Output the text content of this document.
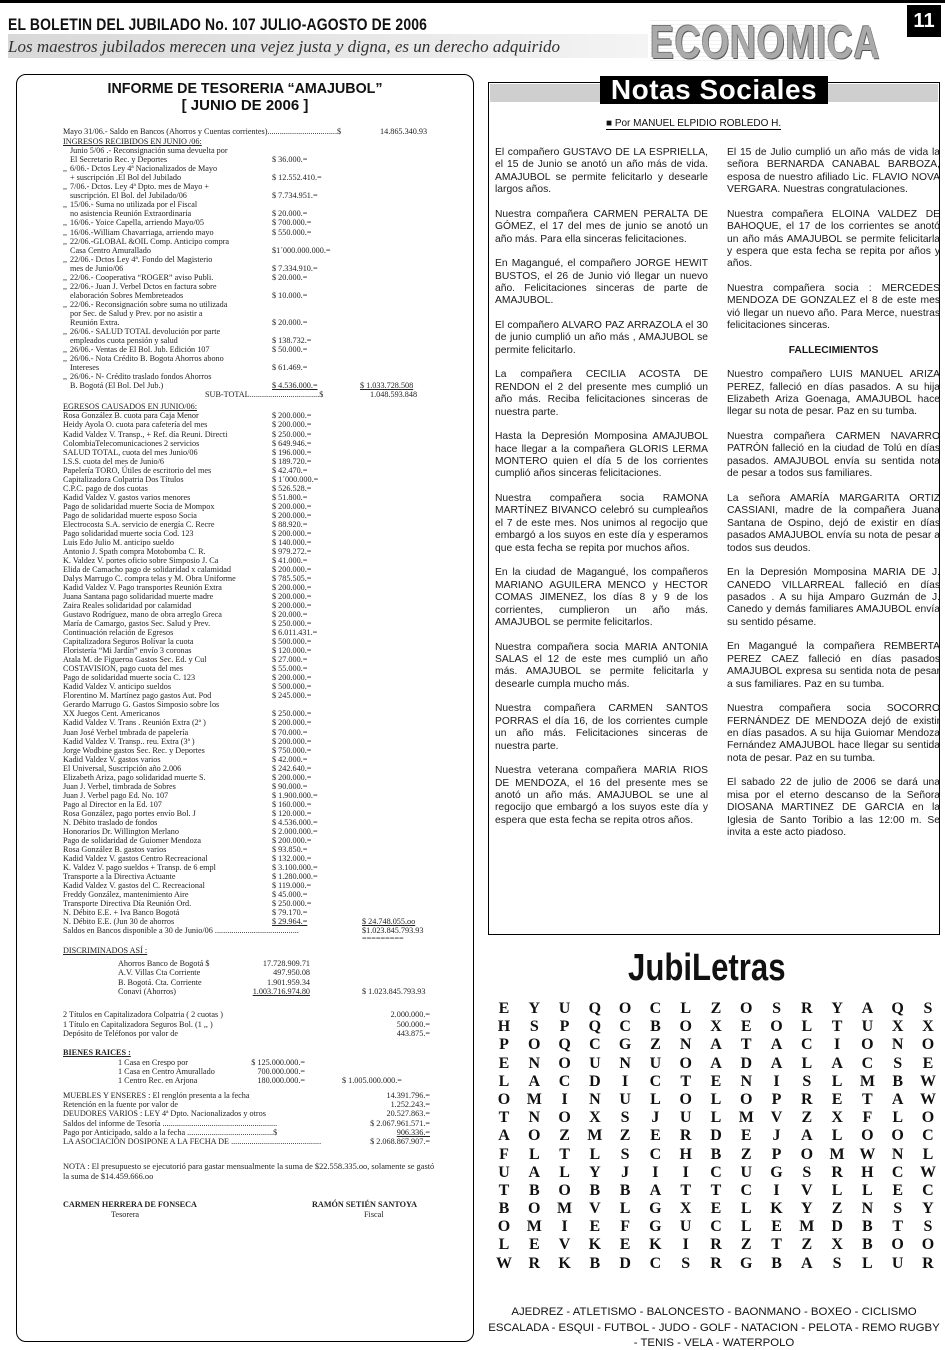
EL BOLETIN DEL JUBILADO No. 107 JULIO-AGOSTO DE 2006
Los maestros jubilados merecen una vejez justa y digna, es un derecho adquirido ECONOMICA	11
INFORME DE TESORERIA “AMAJUBOL”
[ JUNIO DE 2006 ]
Mayo 31/06.- Saldo en Bancos (Ahorros y Cuentas corrientes)..................................$	14.865.340.93
INGRESOS RECIBIDOS EN JUNIO /06:
Junio 5/06 .- Reconsignación suma devuelta por
El Secretario Rec. y Deportes	$ 36.000.=
,, 6/06.- Dctos Ley 4ª Nacionalizados de Mayo
+ suscripción .El Bol del Jubilado	$ 12.552.410.=
,, 7/06.- Dctos. Ley 4ª Dpto. mes de Mayo +
suscripción. El Bol. del Jubilado/06	$ 7.734.951.=
,, 15/06.- Suma no utilizada por el Fiscal
no asistencia Reunión Extraordinaria	$ 20.000.=
,, 16/06.- Yoice Capella, arriendo Mayo/05	$ 700.000.=
,, 16/06.-William Chavarriaga, arriendo mayo	$ 550.000.=
,, 22/06.-GLOBAL &OIL Comp. Anticipo compra
Casa Centro Amurallado	$1´000.000.000.=
,, 22/06.- Dctos Ley 4ª. Fondo del Magisterio
mes de Junio/06	$ 7.334.910.=
,, 22/06.- Cooperativa “ROGER” aviso Publi.	$ 20.000.=
,, 22/06.- Juan J. Verbel Dctos en factura sobre
elaboración Sobres Membreteados	$ 10.000.=
,, 22/06.- Reconsignación sobre suma no utilizada
por Sec. de Salud y Prev. por no asistir a
Reunión Extra.	$ 20.000.=
,, 26/06.- SALUD TOTAL devolución por parte
empleados cuota pensión y salud	$ 138.732.=
,, 26/06.- Ventas de El Bol. Jub. Edición 107	$ 50.000.=
,, 26/06.- Nota Crédito B. Bogota Ahorros abono
Intereses	$ 61.469.=
,, 26/06.- N- Crédito traslado fondos Ahorros
B. Bogotá (El Bol. Del Jub.)	$ 4.536.000.=	$ 1.033.728.508
SUB-TOTAL..................................$	1.048.593.848
EGRESOS CAUSADOS EN JUNIO/06:
Rosa González B. cuota para Caja Menor	$ 200.000.=
Heidy Ayola O. cuota para cafetería del mes	$ 200.000.=
Kadid Valdez V. Transp., + Ref. día Reuni. Directi	$ 250.000.=
ColombiaTelecomunicaciones 2 servicios	$ 649.946.=
SALUD TOTAL, cuota del mes Junio/06	$ 196.000.=
I.S.S. cuota del mes de Junio/6	$ 189.720.=
Papelería TORO, Útiles de escritorio del mes	$ 42.470.=
Capitalizadora Colpatria Dos Títulos	$ 1´000.000.=
C.P.C. pago de dos cuotas	$ 526.528.=
Kadid Valdez V. gastos varios menores	$ 51.800.=
Pago de solidaridad muerte Socia de Mompox	$ 200.000.=
Pago de solidaridad muerte esposo Socia	$ 200.000.=
Electrocosta S.A. servicio de energía C. Recre	$ 88.920.=
Pago solidaridad muerte socia Cod. 123	$ 200.000.=
Luis Edo Julio M. anticipo sueldo	$ 140.000.=
Antonio J. Spath compra Motobomba C. R.	$ 979.272.=
K. Valdez V. portes oficio sobre Simposio J. Ca	$ 41.000.=
Elida de Camacho pago de solidaridad x calamidad	$ 200.000.=
Dalys Marrugo C. compra telas y M. Obra Uniforme	$ 785.505.=
Kadid Valdez V. Pago transportes Reunión Extra	$ 200.000.=
Juana Santana pago solidaridad muerte madre	$ 200.000.=
Zaira Reales solidaridad por calamidad	$ 200.000.=
Gustavo Rodríguez, mano de obra arreglo Greca	$ 20.000.=
María de Camargo, gastos Sec. Salud y Prev.	$ 250.000.=
Continuación relación de Egresos	$ 6.011.431.=
Capitalizadora Seguros Bolívar la cuota	$ 500.000.=
Floristería “Mi Jardín” envío 3 coronas	$ 120.000.=
Atala M. de Figueroa Gastos Sec. Ed. y Cul	$ 27.000.=
COSTAVISION, pago cuota del mes	$ 55.000.=
Pago de solidaridad muerte socia C. 123	$ 200.000.=
Kadid Valdez V. anticipo sueldos	$ 500.000.=
Florentino M. Martínez pago gastos Aut. Pod	$ 245.000.=
Gerardo Marrugo G. Gastos Simposio sobre los
XX Juegos Cent. Americanos	$ 250.000.=
Kadid Valdez V. Trans . Reunión Extra (2ª )	$ 200.000.=
Juan José Verbel tmbrada de papelería	$ 70.000.=
Kadid Valdez V. Transp.. reu. Extra (3ª )	$ 200.000.=
Jorge Wodbine gastos Sec. Rec. y Deportes	$ 750.000.=
Kadid Valdez V. gastos varios	$ 42.000.=
El Universal, Suscripción año 2.006	$ 242.640.=
Elizabeth Ariza, pago solidaridad muerte S.	$ 200.000.=
Juan J. Verbel, timbrada de Sobres	$ 90.000.=
Juan J. Verbel pago Ed. No. 107	$ 1.900.000.=
Pago al Director en la Ed. 107	$ 160.000.=
Rosa González, pago portes envío Bol. J	$ 120.000.=
N. Débito traslado de fondos	$ 4.536.000.=
Honorarios Dr. Willington Merlano	$ 2.000.000.=
Pago de solidaridad de Guiomer Mendoza	$ 200.000.=
Rosa González B. gastos varios	$ 93.850.=
Kadid Valdez V. gastos Centro Recreacional	$ 132.000.=
K. Valdez V. pago sueldos + Transp. de 6 empl	$ 3.100.000.=
Transporte a la Directiva Actuante	$ 1.280.000.=
Kadid Valdez V. gastos del C. Recreacional	$ 119.000.=
Freddy González, mantenimiento Aire	$ 45.000.=
Transporte Directiva Día Reunión Ord.	$ 250.000.=
N. Débito E.E. + Iva Banco Bogotá	$ 79.170.=
N. Débito E.E. (Jun 30 de ahorros	$ 29.964.=	$ 24.748.055.oo
Saldos en Bancos disponible a 30 de Junio/06 .........................................	$1.023.845.793.93
=========
DISCRIMINADOS ASÍ :
Ahorros Banco de Bogotá $	17.728.909.71
A.V. Villas Cta Corriente	497.950.08
B. Bogotá. Cta. Corriente	1.901.959.34
Conavi (Ahorros)	1.003.716.974.80	$ 1.023.845.793.93
2 Títulos en Capitalizadora Colpatria ( 2 cuotas )	2.000.000.=
1 Título en Capitalizadora Seguros Bol. (1 ,, )	500.000.=
Depósito de Teléfonos por valor de	443.875.=
BIENES RAICES :
1 Casa en Crespo por	$ 125.000.000.=
1 Casa en Centro Amurallado	700.000.000.=
1 Centro Rec. en Arjona	180.000.000.=	$ 1.005.000.000.=
MUEBLES Y ENSERES : El renglón presenta a la fecha	14.391.796.=
Retención en la fuente por valor de	1.252.243.=
DEUDORES VARIOS : LEY 4ª Dpto. Nacionalizados y otros	20.527.863.=
Saldos del informe de Tesoría ........................................................	$ 2.067.961.571.=
Pago por Anticipado, saldo a la fecha ..........................................$	906.336.=
LA ASOCIACIÓN DOSIPONE A LA FECHA DE ............................................	$ 2.068.867.907.=
NOTA : El presupuesto se ejecutorió para gastar mensualmente la suma de $22.558.335.oo, solamente se gastó la suma de $14.459.666.oo
CARMEN HERRERA DE FONSECA
Tesorera
RAMÓN SETIÉN SANTOYA
Fiscal
Notas Sociales
■ Por MANUEL ELPIDIO ROBLEDO H.

El compañero GUSTAVO DE LA ESPRIELLA, el 15 de Junio se anotó un año más de vida. AMAJUBOL se permite felicitarlo y desearle largos años.

Nuestra compañera CARMEN PERALTA DE GÓMEZ, el 17 del mes de junio se anotó un año más. Para ella sinceras felicitaciones.

En Magangué, el compañero JORGE HEWIT BUSTOS, el 26 de Junio vió llegar un nuevo año. Felicitaciones sinceras de parte de AMAJUBOL.

El compañero ALVARO PAZ ARRAZOLA el 30 de junio cumplió un año más , AMAJUBOL se permite felicitarlo.

La compañera CECILIA ACOSTA DE RENDON el 2 del presente mes cumplió un año más. Reciba felicitaciones sinceras de nuestra parte.

Hasta la Depresión Momposina AMAJUBOL hace llegar a la compañera GLORIS LERMA MONTERO quien el día 5 de los corrientes cumplió años sinceras felicitaciones.

Nuestra compañera socia RAMONA MARTÍNEZ BIVANCO celebró su cumpleaños el 7 de este mes. Nos unimos al regocijo que embargó a los suyos en este día y esperamos que esta fecha se repita por muchos años.

En la ciudad de Magangué, los compañeros MARIANO AGUILERA MENCO y HECTOR COMAS JIMENEZ, los días 8 y 9 de los corrientes, cumplieron un año más. AMAJUBOL se permite felicitarlos.

Nuestra compañera socia MARIA ANTONIA SALAS el 12 de este mes cumplió un año más. AMAJUBOL se permite felicitarla y desearle cumpla mucho más.

Nuestra compañera CARMEN SANTOS PORRAS el día 16, de los corrientes cumple un año más. Felicitaciones sinceras de nuestra parte.

Nuestra veterana compañera MARIA RIOS DE MENDOZA, el 16 del presente mes se anotó un año más. AMAJUBOL se une al regocijo que embargó a los suyos este día y espera que esta fecha se repita otros años.

El 15 de Julio cumplió un año más de vida la señora BERNARDA CANABAL BARBOZA, esposa de nuestro afiliado Lic. FLAVIO NOVA VERGARA. Nuestras congratulaciones.

Nuestra compañera ELOINA VALDEZ DE BAHOQUE, el 17 de los corrientes se anotó un año más AMAJUBOL se permite felicitarla y espera que esta fecha se repita por años y años.

Nuestra compañera socia : MERCEDES MENDOZA DE GONZALEZ el 8 de este mes vió llegar un nuevo año. Para Merce, nuestras felicitaciones sinceras.

FALLECIMIENTOS

Nuestro compañero LUIS MANUEL ARIZA PEREZ, falleció en días pasados. A su hija Elizabeth Ariza Goenaga, AMAJUBOL hace llegar su nota de pesar. Paz en su tumba.

Nuestra compañera CARMEN NAVARRO PATRÓN falleció en la ciudad de Tolú en días pasados. AMAJUBOL envía su sentida nota de pesar a todos sus familiares.

La señora AMARÍA MARGARITA ORTIZ CASSIANI, madre de la compañera Juana Santana de Ospino, dejó de existir en días pasados AMAJUBOL envía su nota de pesar a todos sus deudos.

En la Depresión Momposina MARIA DE J. CANEDO VILLARREAL falleció en días pasados . A su hija Amparo Guzmán de J. Canedo y demás familiares AMAJUBOL envía su sentido pésame.

En Magangué la compañera REMBERTA PEREZ CAEZ falleció en días pasados AMAJUBOL expresa su sentida nota de pesar a sus familiares. Paz en su tumba.

Nuestra compañera socia SOCORRO FERNÁNDEZ DE MENDOZA dejó de existir en días pasados. A su hija Guiomar Mendoza Fernández AMAJUBOL hace llegar su sentida nota de pesar. Paz en su tumba.

El sabado 22 de julio de 2006 se dará una misa por el eterno descanso de la Señora DIOSANA MARTINEZ DE GARCIA en la Iglesia de Santo Toribio a las 12:00 m. Se invita a este acto piadoso.

JubiLetras
E	Y	U	Q	O	C	L	Z	O	S	R	Y	A	Q	S
H	S	P	Q	C	B	O	X	E	O	L	T	U	X	X
P	O	Q	C	G	Z	N	A	T	A	C	I	O	N	O
E	N	O	U	N	U	O	A	D	A	L	A	C	S	E
L	A	C	D	I	C	T	E	N	I	S	L	M	B	W
O	M	I	N	U	L	O	L	O	P	R	E	T	A	W
T	N	O	X	S	J	U	L	M	V	Z	X	F	L	O
A	O	Z	M	Z	E	R	D	E	J	A	L	O	O	C
F	L	T	L	S	C	H	B	Z	P	O	M W	N	L
U	A	L	Y	J	I	I	C	U	G	S	R	H	C	W
T	B	O	B	B	A	T	T	C	I	V	L	L	E	C
B	O	M	V	L	G	X	E	L	K	Y	Z	N	S	Y
O	M	I	E	F	G	U	C	L	E	M	D	B	T	S
L	E	V	K	E	K	I	R	Z	T	Z	X	B	O	O
W	R	K	B	D	C	S	R	G	B	A	S	L	U	R
AJEDREZ - ATLETISMO - BALONCESTO - BAONMANO - BOXEO - CICLISMO ESCALADA - ESQUI - FUTBOL - JUDO - GOLF - NATACION - PELOTA - REMO RUGBY - TENIS - VELA - WATERPOLO
